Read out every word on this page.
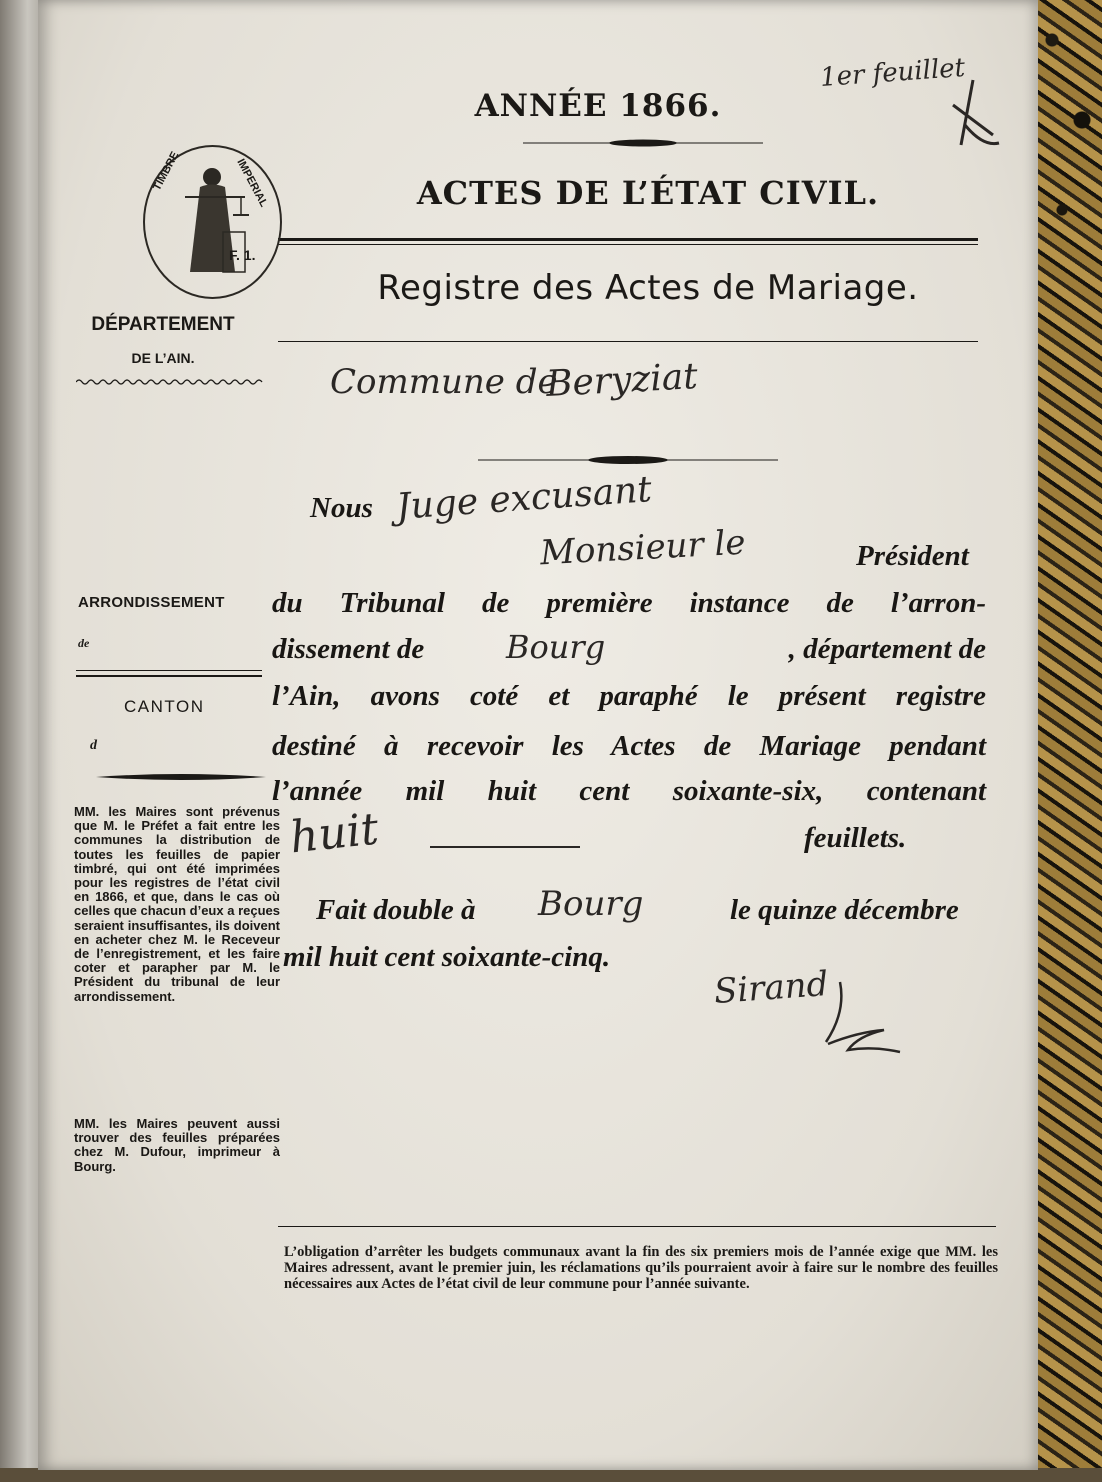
ANNÉE 1866.
ACTES DE L’ÉTAT CIVIL.
Registre des Actes de Mariage.
1er feuillet
TIMBRE	IMPERIAL
F. 1.
DÉPARTEMENT
DE L’AIN.
ARRONDISSEMENT
de
CANTON
d
MM. les Maires sont prévenus que M. le Préfet a fait entre les communes la distribution de toutes les feuilles de papier timbré, qui ont été imprimées pour les registres de l’état civil en 1866, et que, dans le cas où celles que chacun d’eux a reçues seraient insuffisantes, ils doivent en acheter chez M. le Receveur de l’enregistrement, et les faire coter et parapher par M. le Président du tribunal de leur arrondissement.
MM. les Maires peuvent aussi trouver des feuilles préparées chez M. Dufour, imprimeur à Bourg.
Commune de
Beryziat
Nous Juge excusant
Monsieur le	Président
du Tribunal de première instance de l’arron-
dissement de	Bourg	, département de
l’Ain, avons coté et paraphé le présent registre
destiné à recevoir les Actes de Mariage pendant
l’année mil huit cent soixante-six, contenant
huit	feuillets.
Fait double à Bourg	le quinze décembre
mil huit cent soixante-cinq.
Sirand
L’obligation d’arrêter les budgets communaux avant la fin des six premiers mois de l’année exige que MM. les Maires adressent, avant le premier juin, les réclamations qu’ils pourraient avoir à faire sur le nombre des feuilles nécessaires aux Actes de l’état civil de leur commune pour l’année suivante.
